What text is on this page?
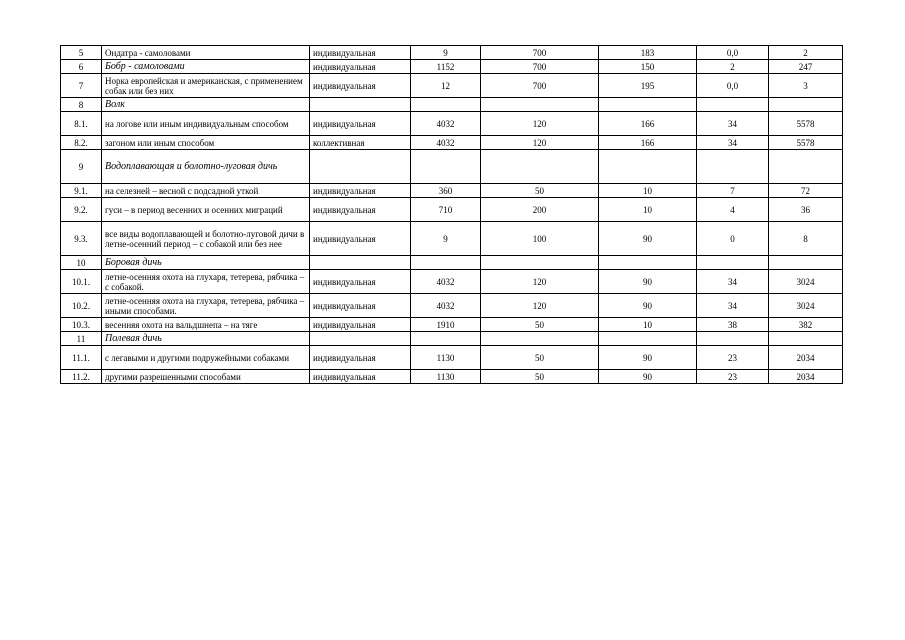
5	Ондатра - самоловами	индивидуальная	9	700	183	0,0	2
6	Бобр - самоловами	индивидуальная	1152	700	150	2	247
7	Норка европейская и американская, с применением собак или без них	индивидуальная	12	700	195	0,0	3
8	Волк						
8.1.	на логове или иным индивидуальным способом	индивидуальная	4032	120	166	34	5578
8.2.	загоном или иным способом	коллективная	4032	120	166	34	5578
9	Водоплавающая и болотно-луговая дичь						
9.1.	на селезней – весной с подсадной уткой	индивидуальная	360	50	10	7	72
9.2.	гуси – в период весенних и осенних миграций	индивидуальная	710	200	10	4	36
9.3.	все виды водоплавающей и болотно-луговой дичи в летне-осенний период – с собакой или без нее	индивидуальная	9	100	90	0	8
10	Боровая дичь						
10.1.	летне-осенняя охота на глухаря, тетерева, рябчика – с собакой.	индивидуальная	4032	120	90	34	3024
10.2.	летне-осенняя охота на глухаря, тетерева, рябчика – иными способами.	индивидуальная	4032	120	90	34	3024
10.3.	весенняя охота на вальдшнепа – на тяге	индивидуальная	1910	50	10	38	382
11	Полевая дичь						
11.1.	с легавыми и другими подружейными собаками	индивидуальная	1130	50	90	23	2034
11.2.	другими разрешенными способами	индивидуальная	1130	50	90	23	2034
